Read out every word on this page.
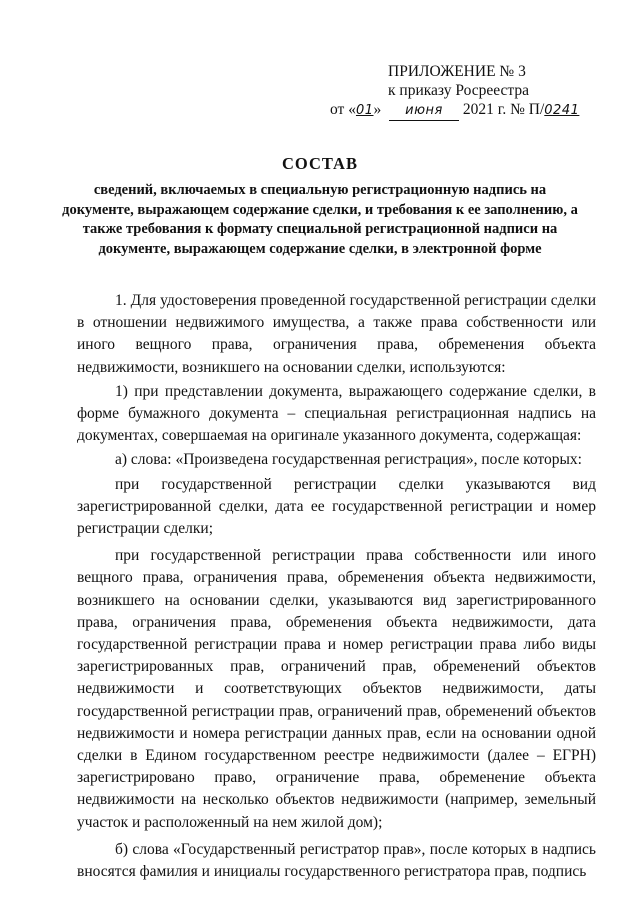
ПРИЛОЖЕНИЕ № 3
к приказу Росреестра
от «01» июня 2021 г. № П/0241
СОСТАВ
сведений, включаемых в специальную регистрационную надпись на документе, выражающем содержание сделки, и требования к ее заполнению, а также требования к формату специальной регистрационной надписи на документе, выражающем содержание сделки, в электронной форме

1. Для удостоверения проведенной государственной регистрации сделки в отношении недвижимого имущества, а также права собственности или иного вещного права, ограничения права, обременения объекта недвижимости, возникшего на основании сделки, используются:

1) при представлении документа, выражающего содержание сделки, в форме бумажного документа – специальная регистрационная надпись на документах, совершаемая на оригинале указанного документа, содержащая:

а) слова: «Произведена государственная регистрация», после которых:

при государственной регистрации сделки указываются вид зарегистрированной сделки, дата ее государственной регистрации и номер регистрации сделки;

при государственной регистрации права собственности или иного вещного права, ограничения права, обременения объекта недвижимости, возникшего на основании сделки, указываются вид зарегистрированного права, ограничения права, обременения объекта недвижимости, дата государственной регистрации права и номер регистрации права либо виды зарегистрированных прав, ограничений прав, обременений объектов недвижимости и соответствующих объектов недвижимости, даты государственной регистрации прав, ограничений прав, обременений объектов недвижимости и номера регистрации данных прав, если на основании одной сделки в Едином государственном реестре недвижимости (далее – ЕГРН) зарегистрировано право, ограничение права, обременение объекта недвижимости на несколько объектов недвижимости (например, земельный участок и расположенный на нем жилой дом);

б) слова «Государственный регистратор прав», после которых в надпись вносятся фамилия и инициалы государственного регистратора прав, подпись
